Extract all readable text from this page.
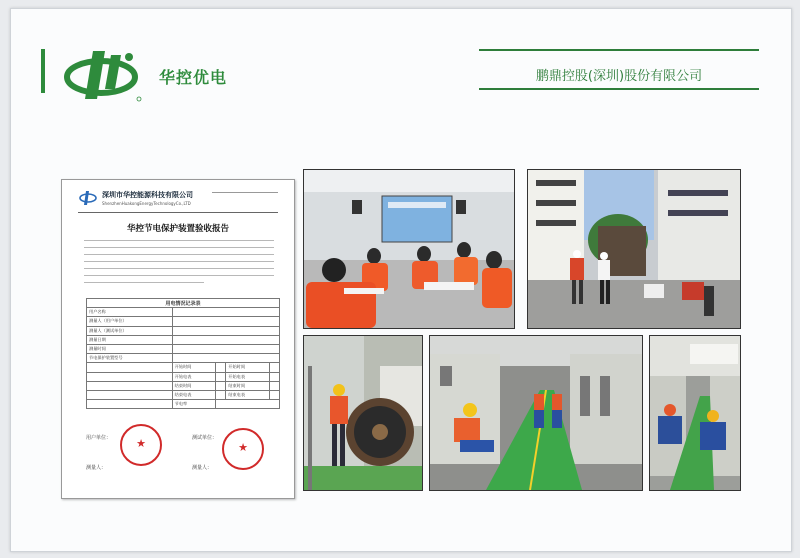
华控优电	鹏鼎控股(深圳)股份有限公司
深圳市华控能源科技有限公司
ShenzhenHuakongEnergyTechnologyCo.,LTD
华控节电保护装置验收报告
用电情况记录表				
用户名称				
测量人（用户单位）				
测量人（测试单位）				
测量日期				
测量时间				
节电保护装置型号				
	开始时间		开始时间	
	开始电表		开始电表	
	结束时间		结束时间	
	结束电表		结束电表	
	节电率			
用户单位：	测试单位：
测量人：	测量人：
★	★
